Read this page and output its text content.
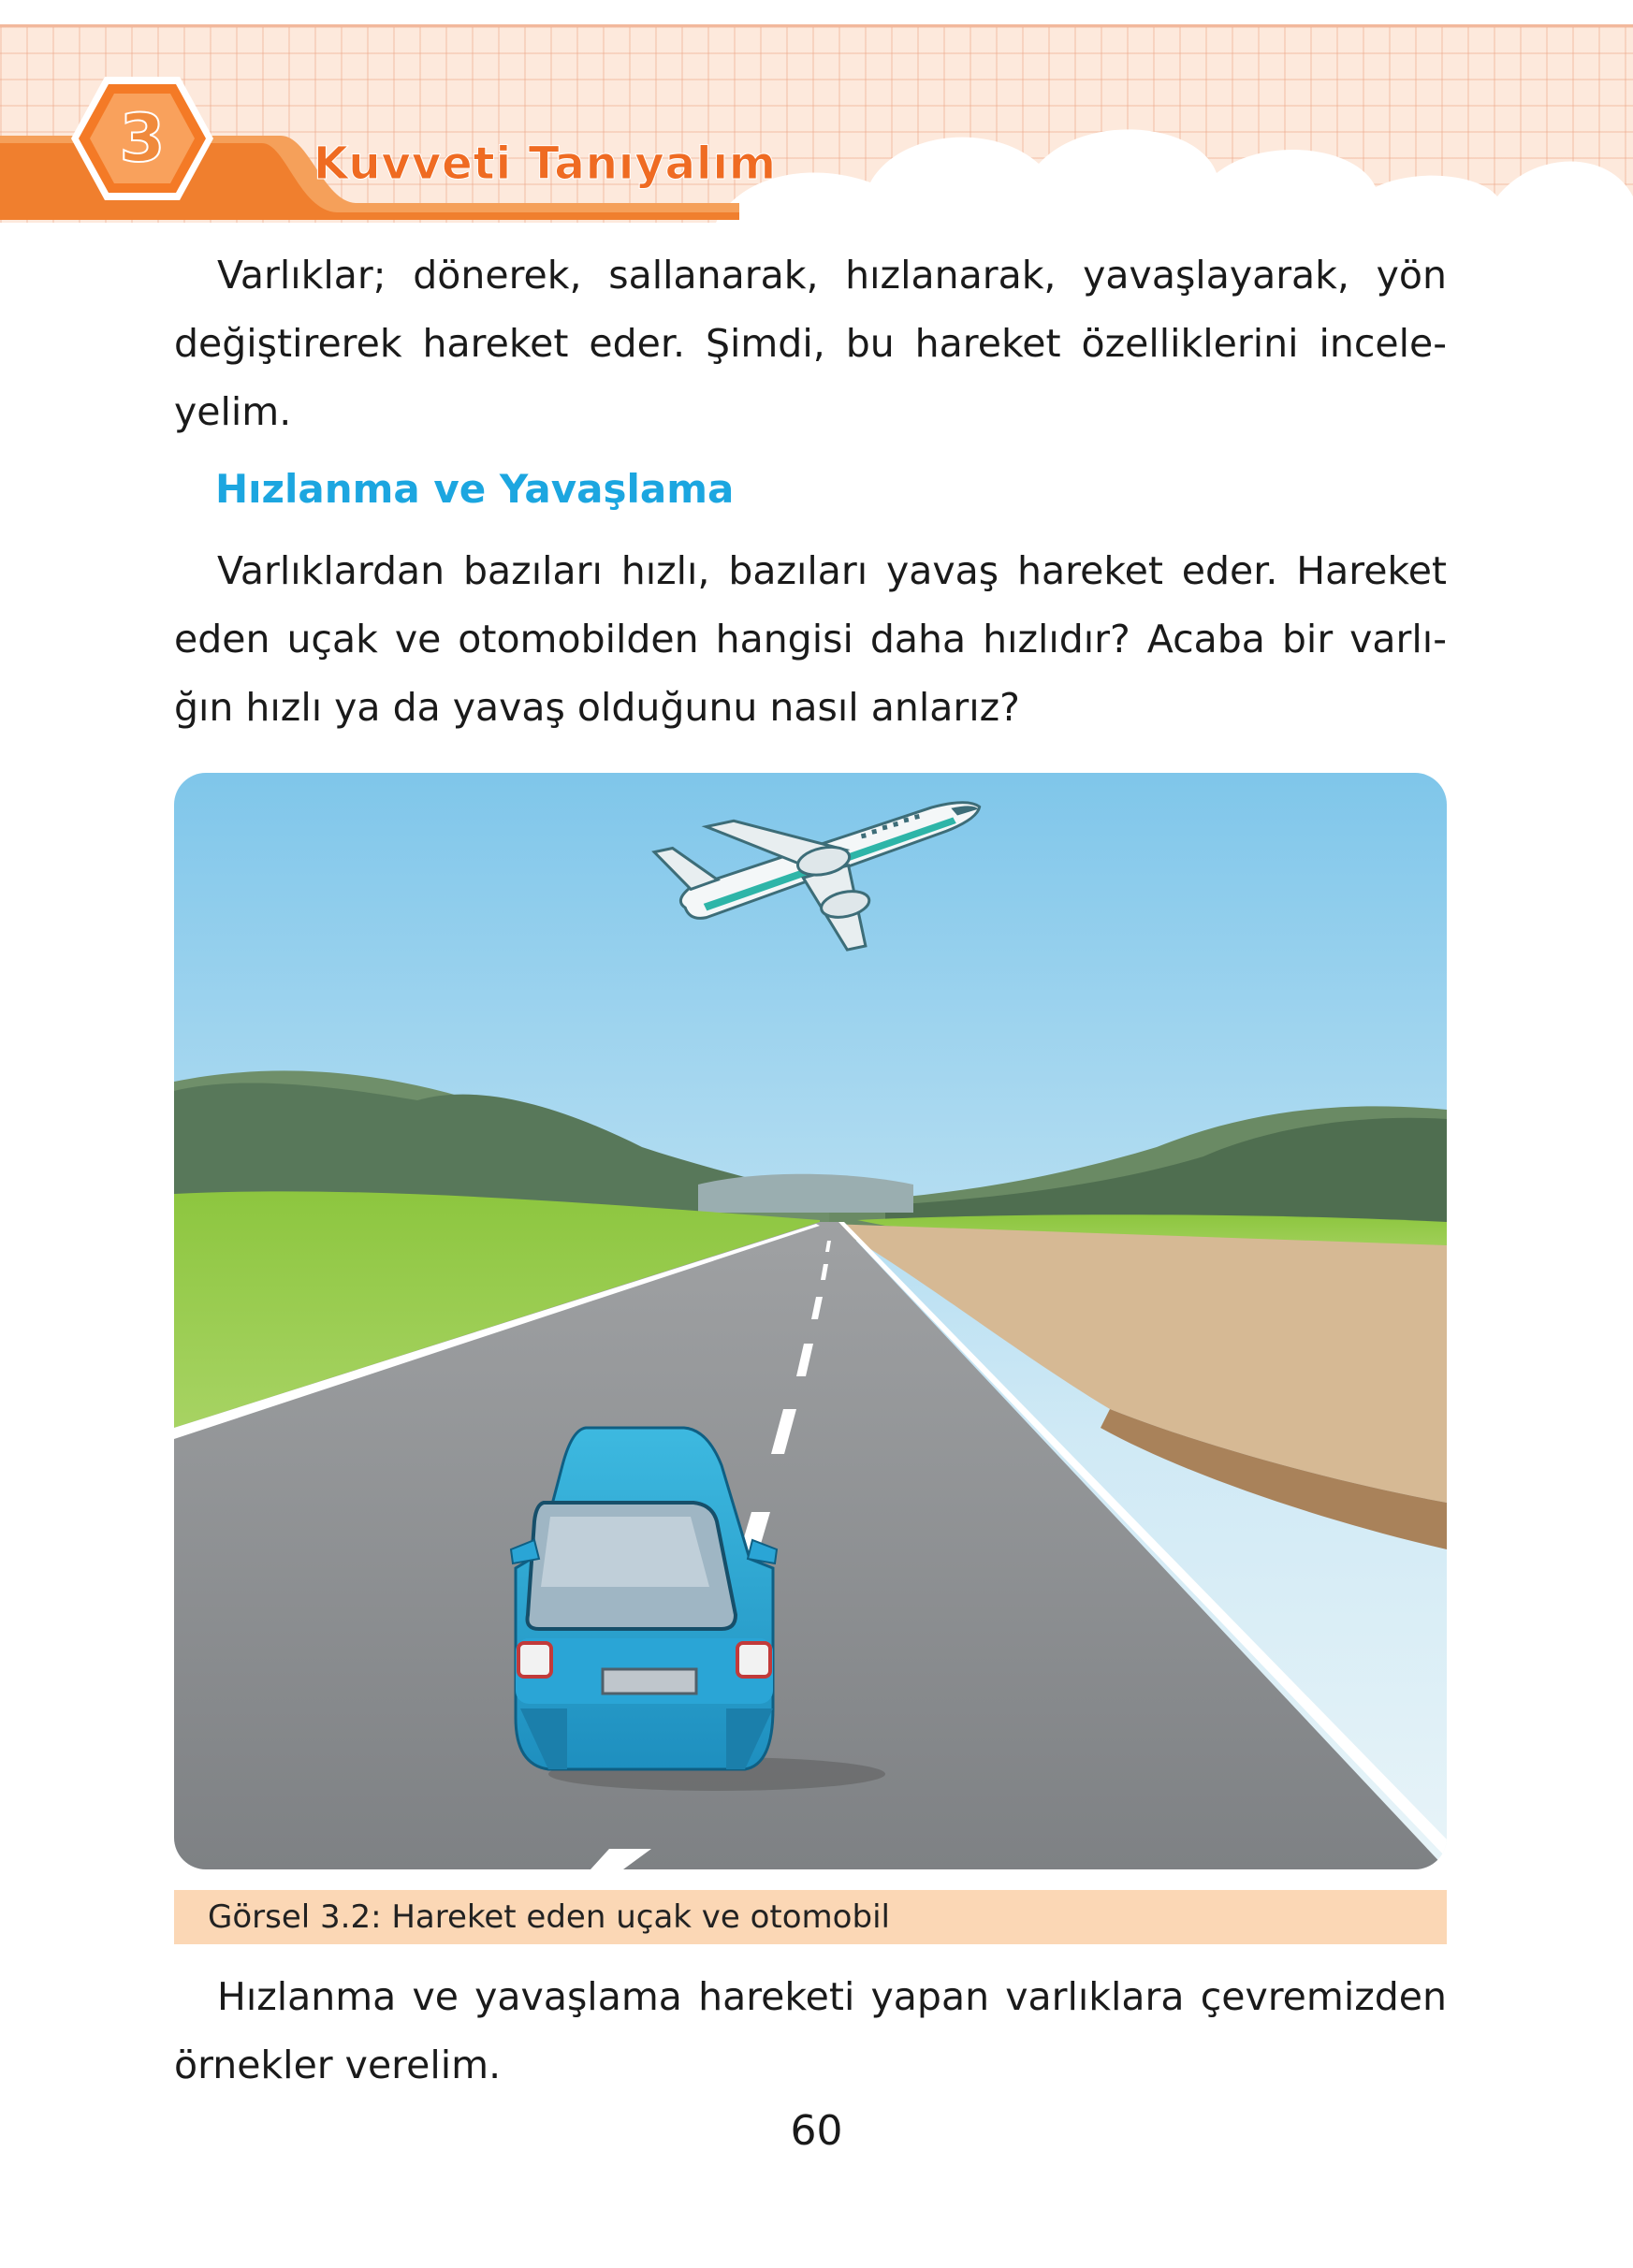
3	Kuvveti Tanıyalım

Varlıklar; dönerek, sallanarak, hızlanarak, yavaşlayarak, yön değiştirerek hareket eder. Şimdi, bu hareket özelliklerini incele-yelim.

Hızlanma ve Yavaşlama

Varlıklardan bazıları hızlı, bazıları yavaş hareket eder. Hareket eden uçak ve otomobilden hangisi daha hızlıdır? Acaba bir varlı-ğın hızlı ya da yavaş olduğunu nasıl anlarız?

Görsel 3.2: Hareket eden uçak ve otomobil

Hızlanma ve yavaşlama hareketi yapan varlıklara çevremizden örnekler verelim.

60
